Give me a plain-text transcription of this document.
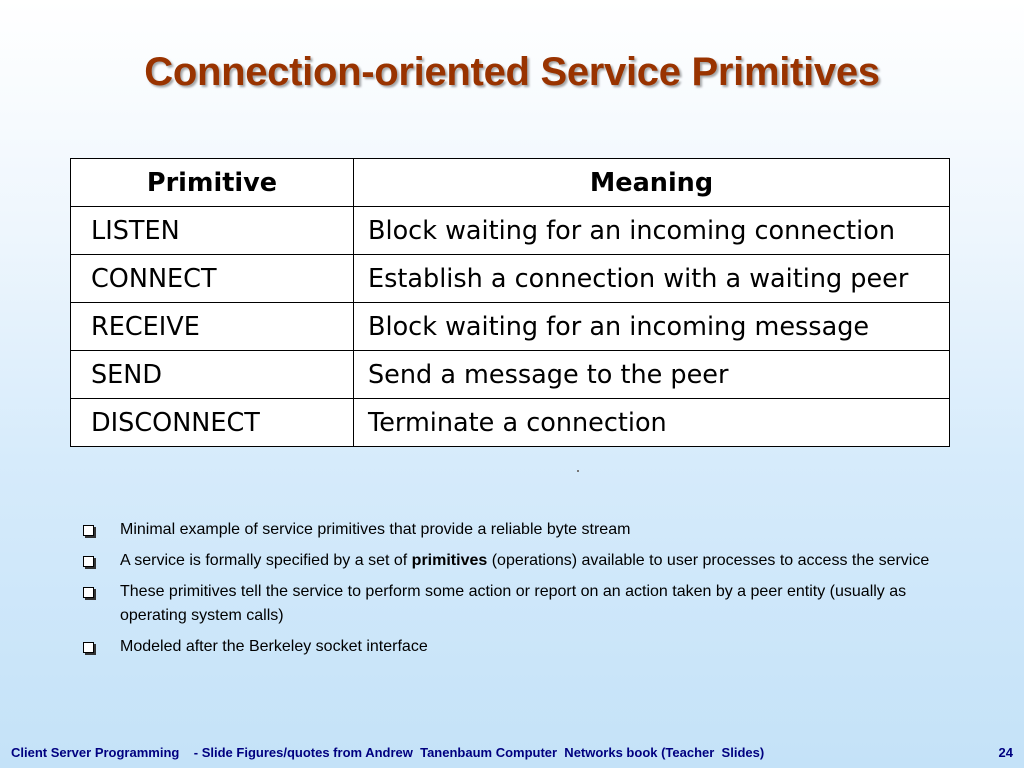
Connection-oriented Service Primitives
Primitive	Meaning
LISTEN	Block waiting for an incoming connection
CONNECT	Establish a connection with a waiting peer
RECEIVE	Block waiting for an incoming message
SEND	Send a message to the peer
DISCONNECT	Terminate a connection
Minimal example of service primitives that provide a reliable byte stream
A service is formally specified by a set of primitives (operations) available to user processes to access the service
These primitives tell the service to perform some action or report on an action taken by a peer entity (usually as operating system calls)
Modeled after the Berkeley socket interface
Client Server Programming    - Slide Figures/quotes from Andrew  Tanenbaum Computer  Networks book (Teacher  Slides)	24
